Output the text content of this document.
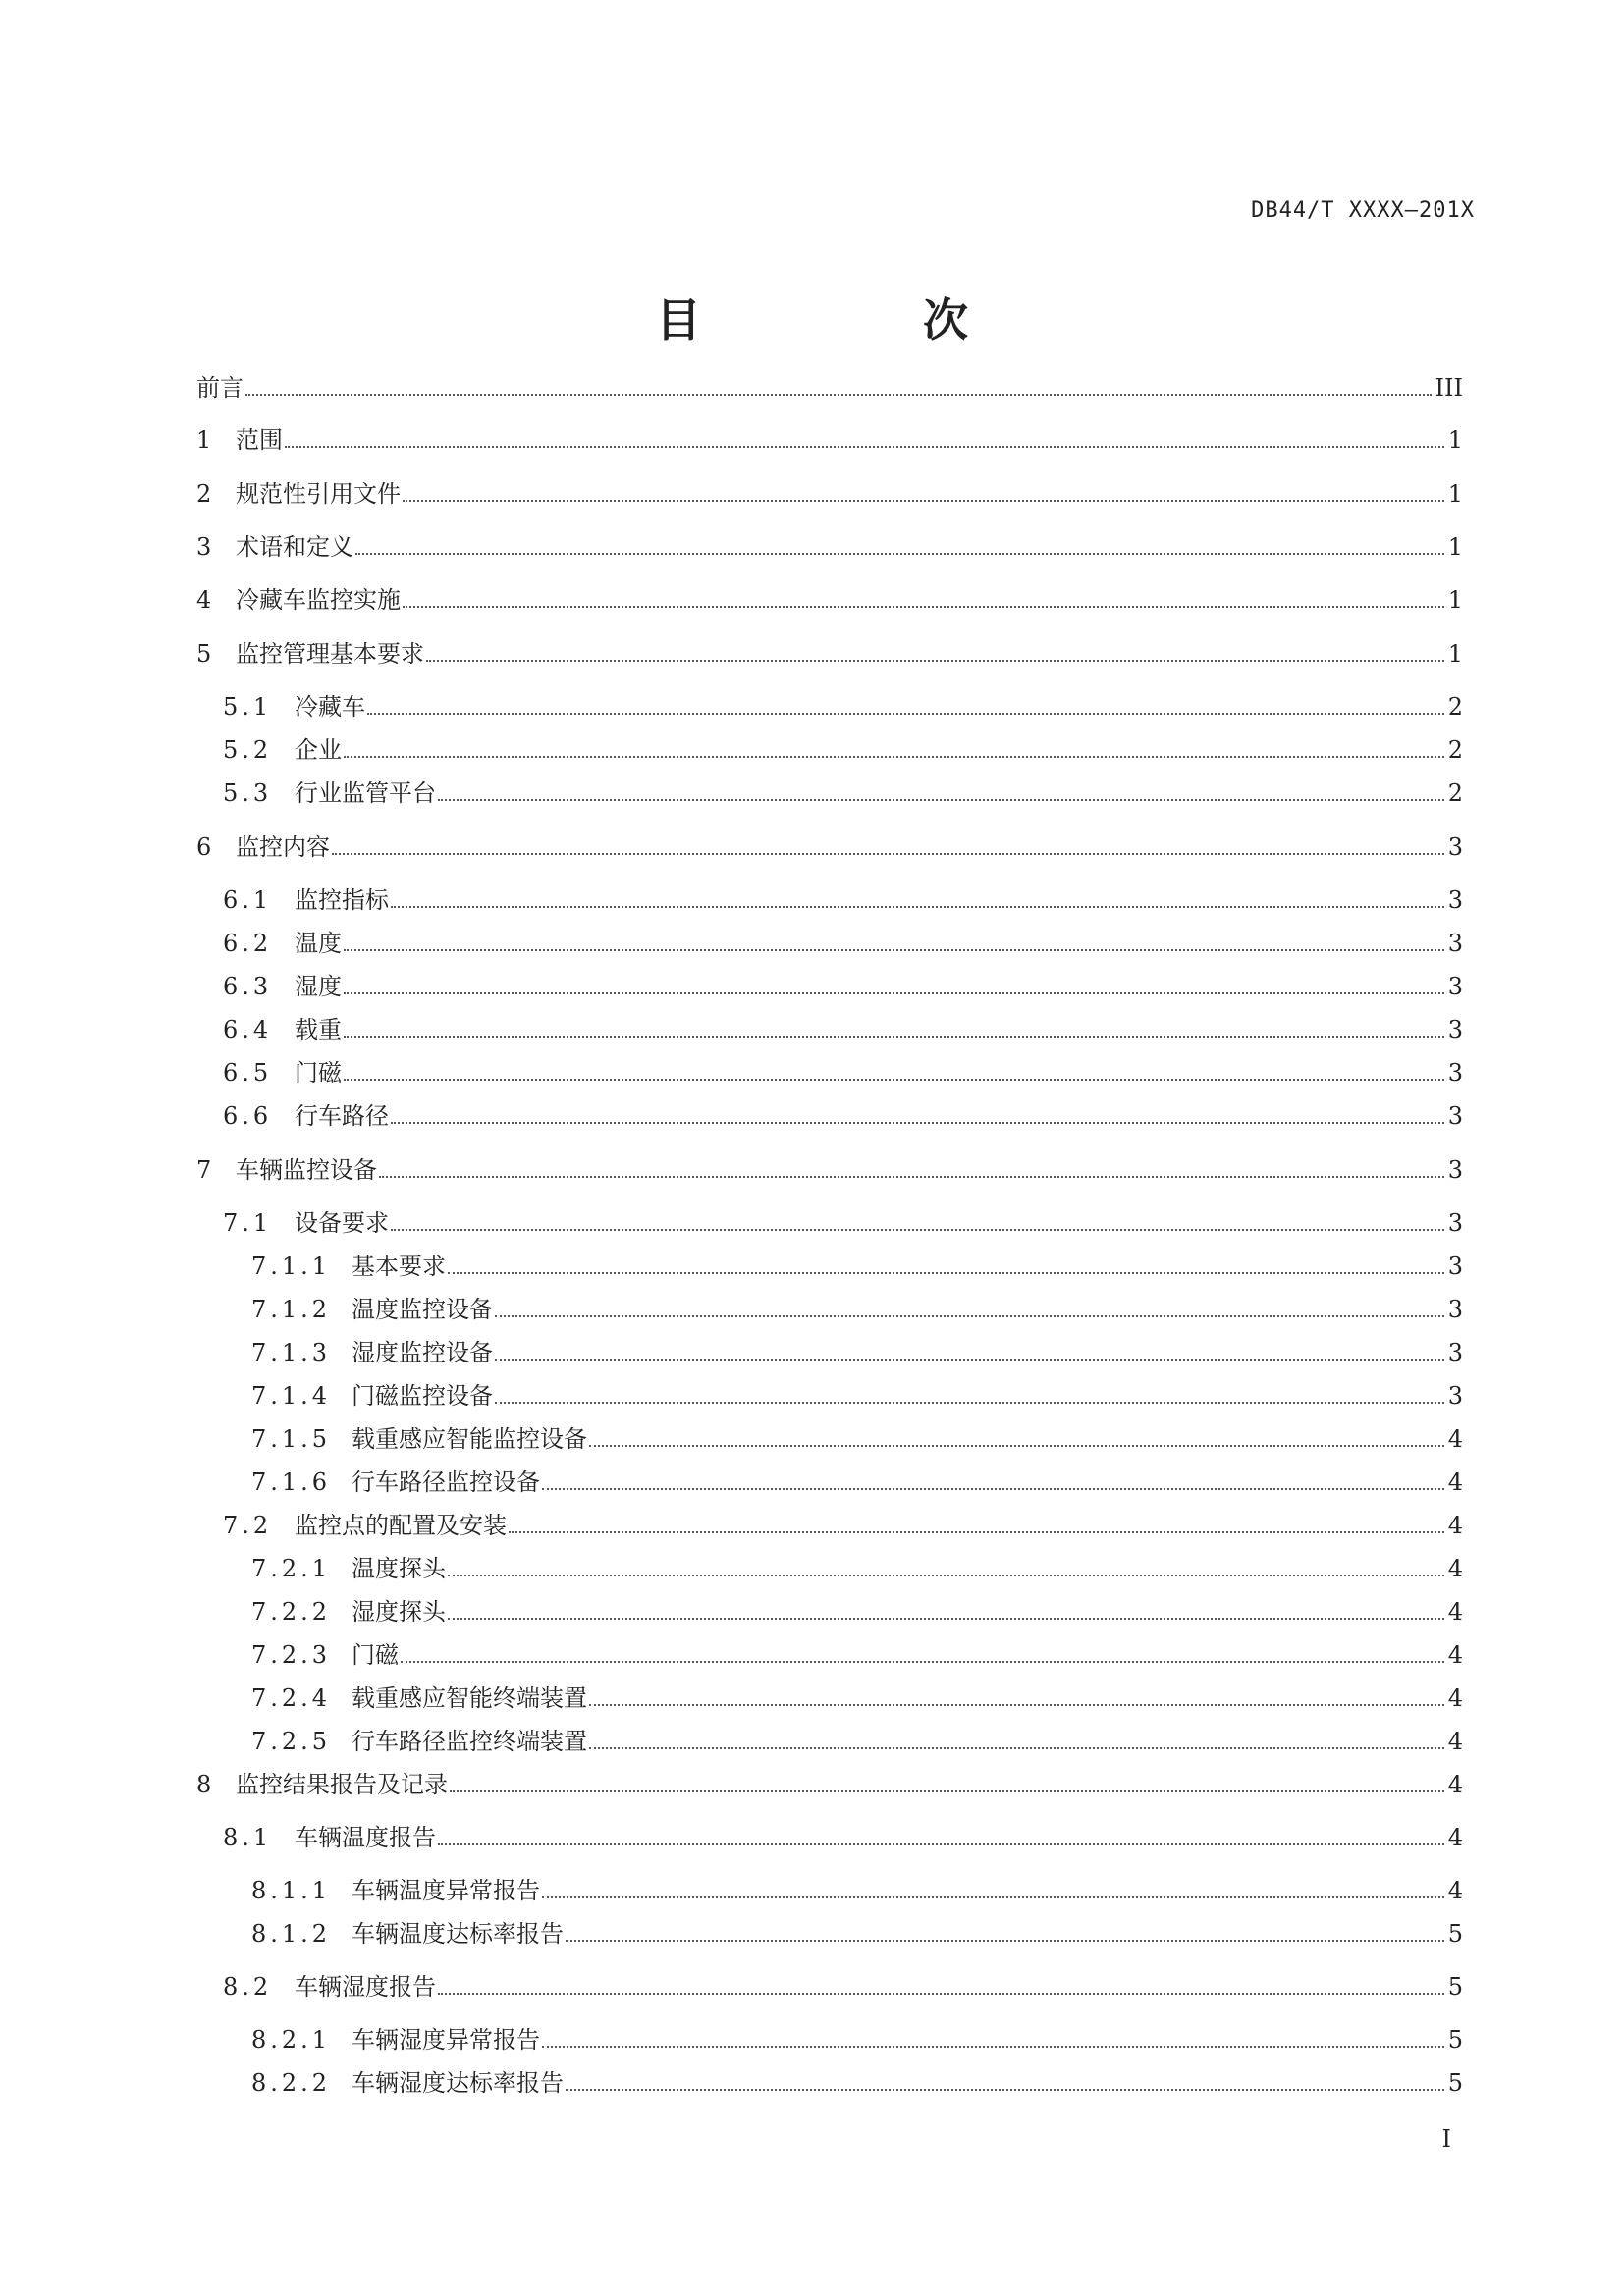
DB44/T XXXX—201X
目　次
前言	III
1 范围	1
2 规范性引用文件	1
3 术语和定义	1
4 冷藏车监控实施	1
5 监控管理基本要求	1
5.1 冷藏车	2
5.2 企业	2
5.3 行业监管平台	2
6 监控内容	3
6.1 监控指标	3
6.2 温度	3
6.3 湿度	3
6.4 载重	3
6.5 门磁	3
6.6 行车路径	3
7 车辆监控设备	3
7.1 设备要求	3
7.1.1 基本要求	3
7.1.2 温度监控设备	3
7.1.3 湿度监控设备	3
7.1.4 门磁监控设备	3
7.1.5 载重感应智能监控设备	4
7.1.6 行车路径监控设备	4
7.2 监控点的配置及安装	4
7.2.1 温度探头	4
7.2.2 湿度探头	4
7.2.3 门磁	4
7.2.4 载重感应智能终端装置	4
7.2.5 行车路径监控终端装置	4
8 监控结果报告及记录	4
8.1 车辆温度报告	4
8.1.1 车辆温度异常报告	4
8.1.2 车辆温度达标率报告	5
8.2 车辆湿度报告	5
8.2.1 车辆湿度异常报告	5
8.2.2 车辆湿度达标率报告	5
I
